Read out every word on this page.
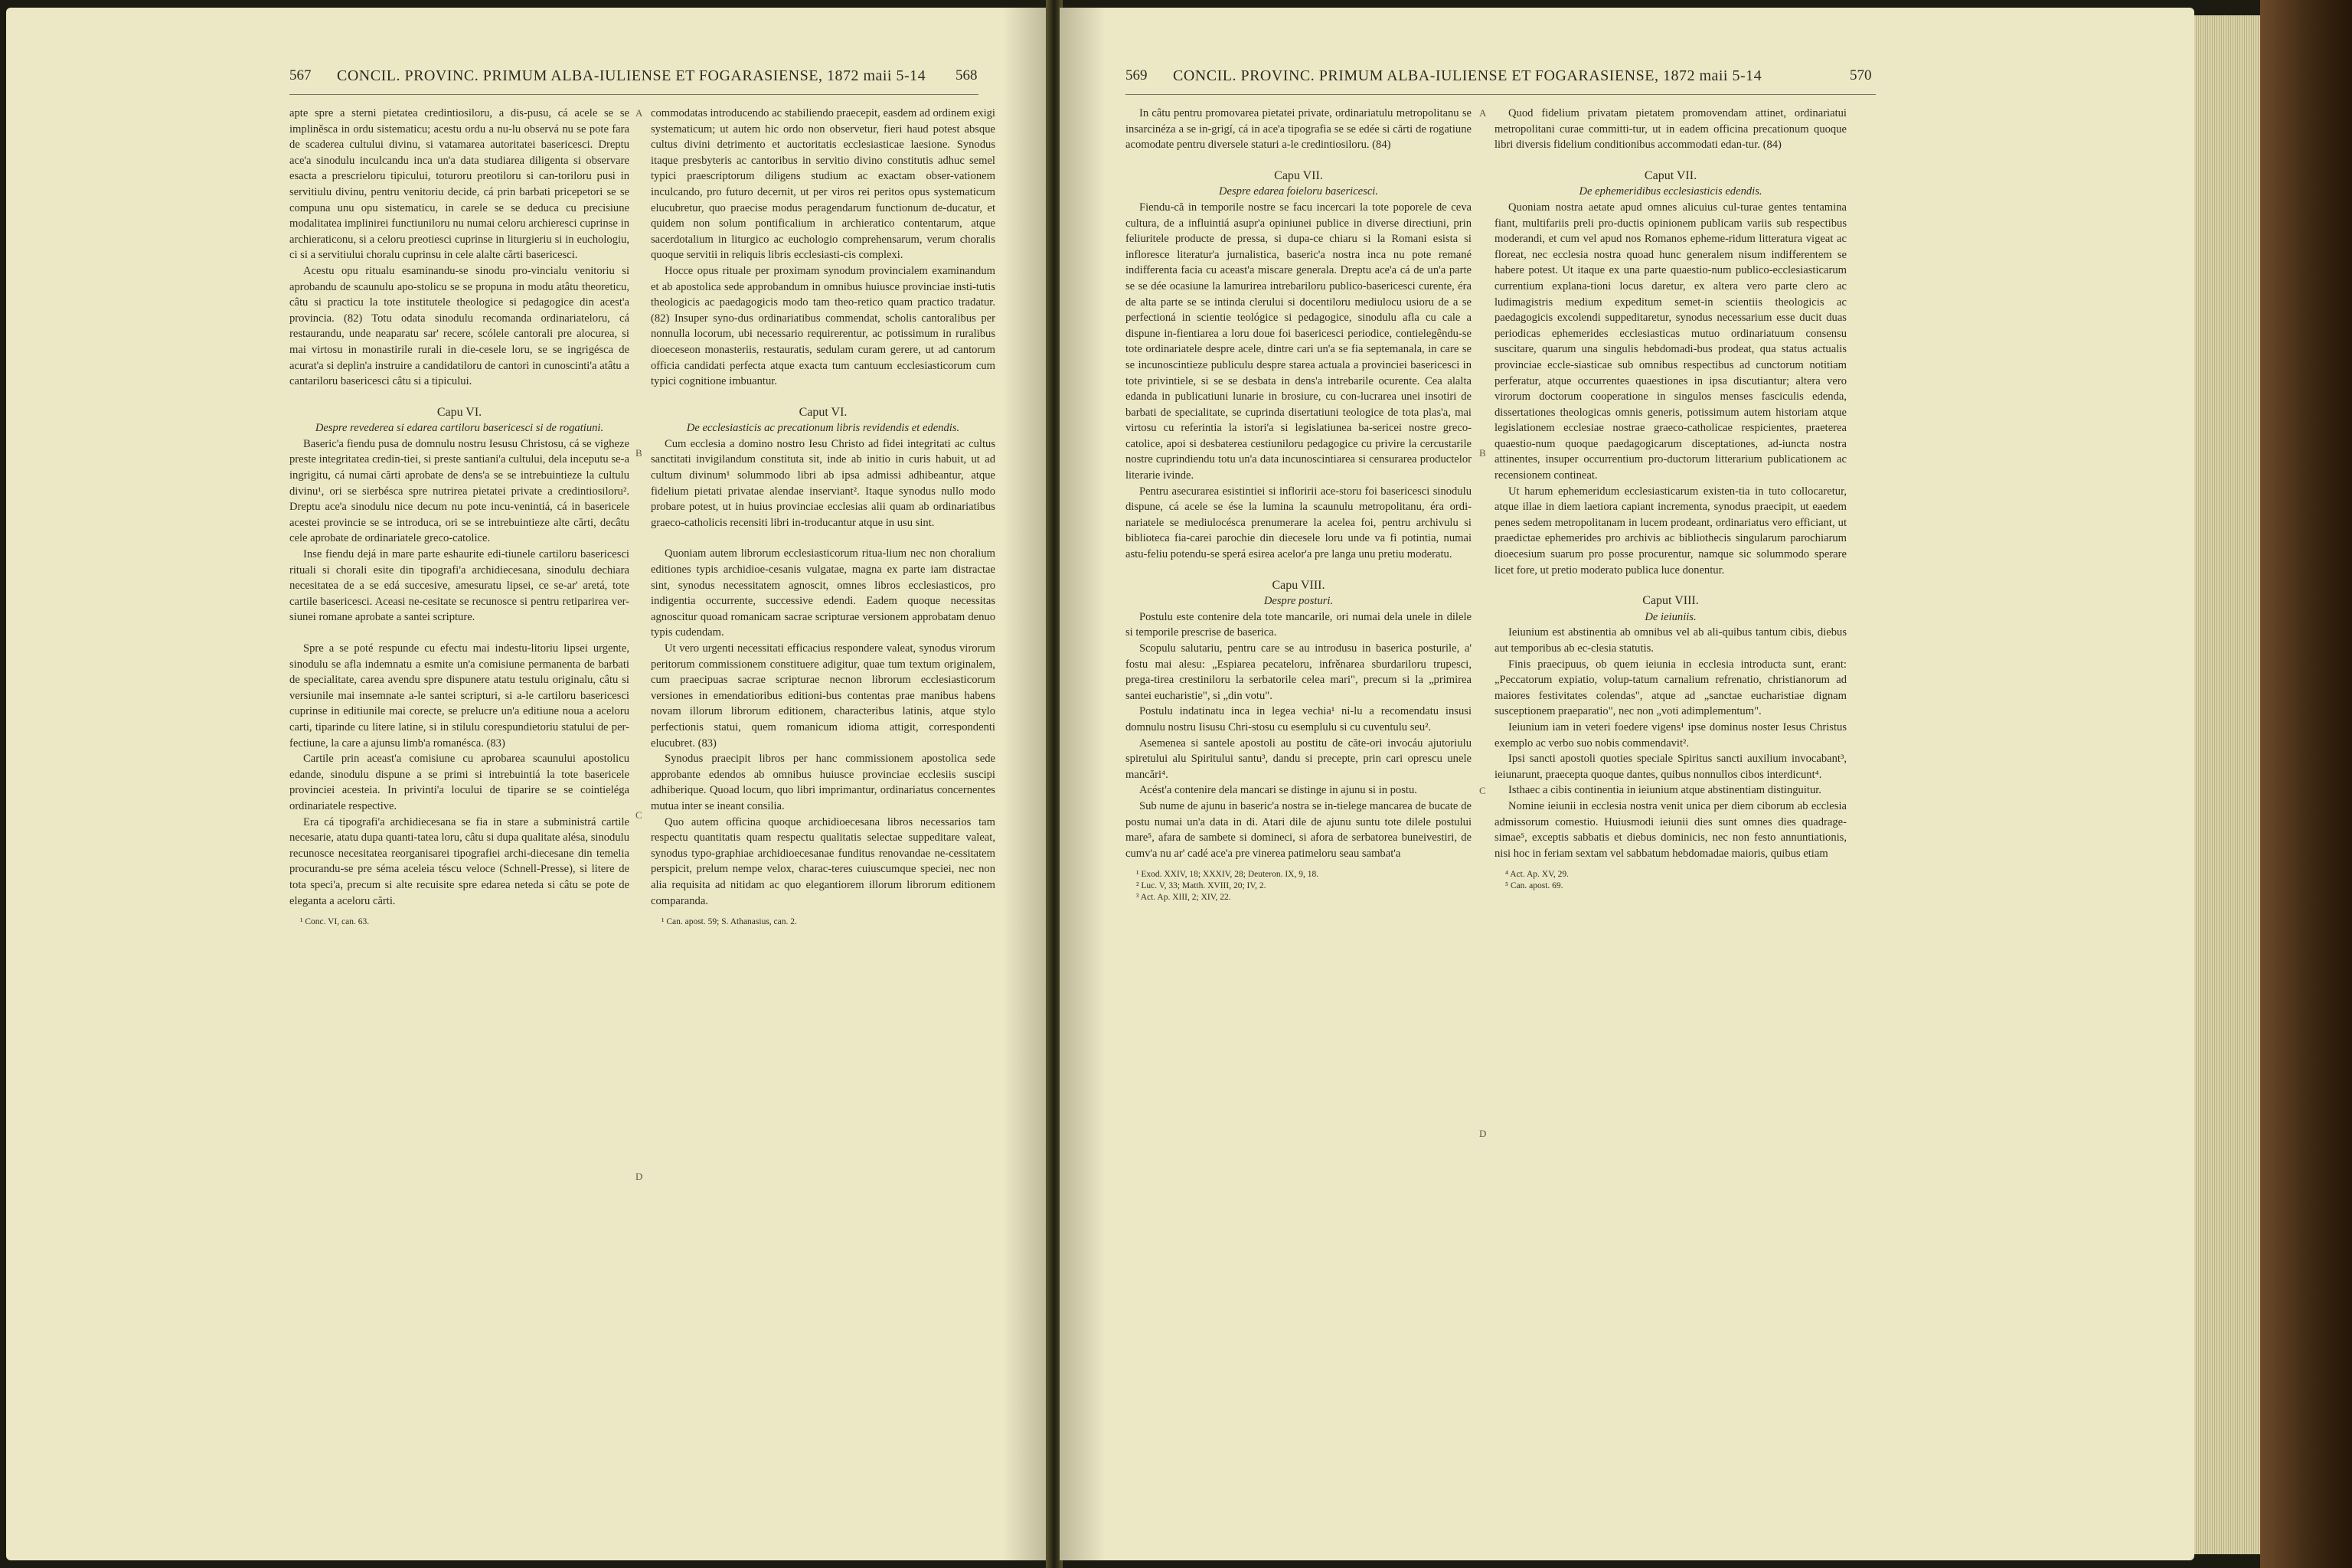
567 CONCIL. PROVINC. PRIMUM ALBA-IULIENSE ET FOGARASIENSE, 1872 maii 5-14 568
A
B
C
D

apte spre a sterni pietatea credintiosiloru, a dis-pusu, cá acele se se impliněsca in ordu sistematicu; acestu ordu a nu-lu observá nu se pote fara de scaderea cultului divinu, si vatamarea autoritatei basericesci. Dreptu ace'a sinodulu inculcandu inca un'a data studiarea diligenta si observare esacta a prescrieloru tipicului, toturoru preotiloru si can-toriloru pusi in servitiulu divinu, pentru venitoriu decide, cá prin barbati pricepetori se se compuna unu opu sistematicu, in carele se se deduca cu precisiune modalitatea implinirei functiuniloru nu numai celoru archieresci cuprinse in archieraticonu, si a celoru preotiesci cuprinse in liturgieriu si in euchologiu, ci si a servitiului choralu cuprinsu in cele alalte cărti basericesci.

Acestu opu ritualu esaminandu-se sinodu pro-vincialu venitoriu si aprobandu de scaunulu apo-stolicu se se propuna in modu atâtu theoreticu, câtu si practicu la tote institutele theologice si pedagogice din acest'a provincia. (82) Totu odata sinodulu recomanda ordinariateloru, cá restaurandu, unde neaparatu sar' recere, scólele cantorali pre alocurea, si mai virtosu in monastirile rurali in die-cesele loru, se se ingrigésca de acurat'a si deplin'a instruire a candidatiloru de cantori in cunoscinti'a atâtu a cantariloru basericesci câtu si a tipicului.

Capu VI.

Despre revederea si edarea cartiloru basericesci si de rogatiuni.

Baseric'a fiendu pusa de domnulu nostru Iesusu Christosu, cá se vigheze preste integritatea credin-tiei, si preste santiani'a cultului, dela inceputu se-a ingrigitu, cá numai cărti aprobate de dens'a se se intrebuintieze la cultulu divinu¹, ori se sierbésca spre nutrirea pietatei private a credintiosiloru². Dreptu ace'a sinodulu nice decum nu pote incu-venintiá, cá in basericele acestei provincie se se introduca, ori se se intrebuintieze alte cărti, decâtu cele aprobate de ordinariatele greco-catolice.

Inse fiendu dejá in mare parte eshaurite edi-tiunele cartiloru basericesci rituali si chorali esite din tipografi'a archidiecesana, sinodulu dechiara necesitatea de a se edá succesive, amesuratu lipsei, ce se-ar' aretá, tote cartile basericesci. Aceasi ne-cesitate se recunosce si pentru retiparirea ver-siunei romane aprobate a santei scripture.

Spre a se poté respunde cu efectu mai indestu-litoriu lipsei urgente, sinodulu se afla indemnatu a esmite un'a comisiune permanenta de barbati de specialitate, carea avendu spre dispunere atatu testulu originalu, câtu si versiunile mai insemnate a-le santei scripturi, si a-le cartiloru basericesci cuprinse in editiunile mai corecte, se prelucre un'a editiune noua a aceloru carti, tiparinde cu litere latine, si in stilulu corespundietoriu statului de per-fectiune, la care a ajunsu limb'a romanésca. (83)

Cartile prin aceast'a comisiune cu aprobarea scaunului apostolicu edande, sinodulu dispune a se primi si intrebuintiá la tote basericele provinciei acesteia. In privinti'a locului de tiparire se se cointieléga ordinariatele respective.

Era cá tipografi'a archidiecesana se fia in stare a subministrá cartile necesarie, atatu dupa quanti-tatea loru, câtu si dupa qualitate alésa, sinodulu recunosce necesitatea reorganisarei tipografiei archi-diecesane din temelia procurandu-se pre séma aceleia téscu veloce (Schnell-Presse), si litere de tota speci'a, precum si alte recuisite spre edarea neteda si câtu se pote de eleganta a aceloru cărti.

¹ Conc. VI, can. 63.

commodatas introducendo ac stabiliendo praecepit, easdem ad ordinem exigi systematicum; ut autem hic ordo non observetur, fieri haud potest absque cultus divini detrimento et auctoritatis ecclesiasticae laesione. Synodus itaque presbyteris ac cantoribus in servitio divino constitutis adhuc semel typici praescriptorum diligens studium ac exactam obser-vationem inculcando, pro futuro decernit, ut per viros rei peritos opus systematicum elucubretur, quo praecise modus peragendarum functionum de-ducatur, et quidem non solum pontificalium in archieratico contentarum, atque sacerdotalium in liturgico ac euchologio comprehensarum, verum choralis quoque servitii in reliquis libris ecclesiasti-cis complexi.

Hocce opus rituale per proximam synodum provincialem examinandum et ab apostolica sede approbandum in omnibus huiusce provinciae insti-tutis theologicis ac paedagogicis modo tam theo-retico quam practico tradatur. (82) Insuper syno-dus ordinariatibus commendat, scholis cantoralibus per nonnulla locorum, ubi necessario requirerentur, ac potissimum in ruralibus dioeceseon monasteriis, restauratis, sedulam curam gerere, ut ad cantorum officia candidati perfecta atque exacta tum cantuum ecclesiasticorum cum typici cognitione imbuantur.

Caput VI.

De ecclesiasticis ac precationum libris revidendis et edendis.

Cum ecclesia a domino nostro Iesu Christo ad fidei integritati ac cultus sanctitati invigilandum constituta sit, inde ab initio in curis habuit, ut ad cultum divinum¹ solummodo libri ab ipsa admissi adhibeantur, atque fidelium pietati privatae alendae inserviant². Itaque synodus nullo modo probare potest, ut in huius provinciae ecclesias alii quam ab ordinariatibus graeco-catholicis recensiti libri in-troducantur atque in usu sint.

Quoniam autem librorum ecclesiasticorum ritua-lium nec non choralium editiones typis archidioe-cesanis vulgatae, magna ex parte iam distractae sint, synodus necessitatem agnoscit, omnes libros ecclesiasticos, pro indigentia occurrente, successive edendi. Eadem quoque necessitas agnoscitur quoad romanicam sacrae scripturae versionem approbatam denuo typis cudendam.

Ut vero urgenti necessitati efficacius respondere valeat, synodus virorum peritorum commissionem constituere adigitur, quae tum textum originalem, cum praecipuas sacrae scripturae necnon librorum ecclesiasticorum versiones in emendatioribus editioni-bus contentas prae manibus habens novam illorum librorum editionem, characteribus latinis, atque stylo perfectionis statui, quem romanicum idioma attigit, correspondenti elucubret. (83)

Synodus praecipit libros per hanc commissionem apostolica sede approbante edendos ab omnibus huiusce provinciae ecclesiis suscipi adhiberique. Quoad locum, quo libri imprimantur, ordinariatus concernentes mutua inter se ineant consilia.

Quo autem officina quoque archidioecesana libros necessarios tam respectu quantitatis quam respectu qualitatis selectae suppeditare valeat, synodus typo-graphiae archidioecesanae funditus renovandae ne-cessitatem perspicit, prelum nempe velox, charac-teres cuiuscumque speciei, nec non alia requisita ad nitidam ac quo elegantiorem illorum librorum editionem comparanda.

¹ Can. apost. 59; S. Athanasius, can. 2.
569 CONCIL. PROVINC. PRIMUM ALBA-IULIENSE ET FOGARASIENSE, 1872 maii 5-14	570
A
B
C
D

In câtu pentru promovarea pietatei private, ordinariatulu metropolitanu se insarcinéza a se in-grigí, cá in ace'a tipografia se se edée si cărti de rogatiune acomodate pentru diversele staturi a-le credintiosiloru. (84)

Capu VII.

Despre edarea foieloru basericesci.

Fiendu-că in temporile nostre se facu incercari la tote poporele de ceva cultura, de a influintiá asupr'a opiniunei publice in diverse directiuni, prin feliuritele producte de pressa, si dupa-ce chiaru si la Romani esista si infloresce literatur'a jurnalistica, baseric'a nostra inca nu pote remané indifferenta facia cu aceast'a miscare generala. Dreptu ace'a cá de un'a parte se se dée ocasiune la lamurirea intrebariloru publico-basericesci curente, éra de alta parte se se intinda clerului si docentiloru mediulocu usioru de a se perfectioná in scientie teológice si pedagogice, sinodulu afla cu cale a dispune in-fientiarea a loru doue foi basericesci periodice, contielegêndu-se tote ordinariatele despre acele, dintre cari un'a se fia septemanala, in care se se incunoscintieze publiculu despre starea actuala a provinciei basericesci in tote privintiele, si se se desbata in dens'a intrebarile ocurente. Cea alalta edanda in publicatiuni lunarie in brosiure, cu con-lucrarea unei insotiri de barbati de specialitate, se cuprinda disertatiuni teologice de tota plas'a, mai virtosu cu referintia la istori'a si legislatiunea ba-sericei nostre greco-catolice, apoi si desbaterea cestiuniloru pedagogice cu privire la cercustarile nostre cuprindiendu totu un'a data incunoscintiarea si censurarea productelor literarie ivinde.

Pentru asecurarea esistintiei si infloririi ace-storu foi basericesci sinodulu dispune, cá acele se ése la lumina la scaunulu metropolitanu, éra ordi-nariatele se mediulocésca prenumerare la acelea foi, pentru archivulu si biblioteca fia-carei parochie din diecesele loru unde va fi potintia, numai astu-feliu potendu-se sperá esirea acelor'a pre langa unu pretiu moderatu.

Capu VIII.

Despre posturi.

Postulu este contenire dela tote mancarile, ori numai dela unele in dilele si temporile prescrise de baserica.

Scopulu salutariu, pentru care se au introdusu in baserica posturile, a' fostu mai alesu: „Espiarea pecateloru, infrěnarea sburdariloru trupesci, prega-tirea crestiniloru la serbatorile celea mari", precum si la „primirea santei eucharistie", si „din votu".

Postulu indatinatu inca in legea vechia¹ ni-lu a recomendatu insusi domnulu nostru Iisusu Chri-stosu cu esemplulu si cu cuventulu seu².

Asemenea si santele apostoli au postitu de căte-ori invocáu ajutoriulu spiretului alu Spiritului santu³, dandu si precepte, prin cari oprescu unele mancări⁴.

Acést'a contenire dela mancari se distinge in ajunu si in postu.

Sub nume de ajunu in baseric'a nostra se in-tielege mancarea de bucate de postu numai un'a data in di. Atari dile de ajunu suntu tote dilele postului mare⁵, afara de sambete si domineci, si afora de serbatorea buneivestiri, de cumv'a nu ar' cadé ace'a pre vinerea patimeloru seau sambat'a

¹ Exod. XXIV, 18; XXXIV, 28; Deuteron. IX, 9, 18.
² Luc. V, 33; Matth. XVIII, 20; IV, 2.
³ Act. Ap. XIII, 2; XIV, 22.

Quod fidelium privatam pietatem promovendam attinet, ordinariatui metropolitani curae committi-tur, ut in eadem officina precationum quoque libri diversis fidelium conditionibus accommodati edan-tur. (84)

Caput VII.

De ephemeridibus ecclesiasticis edendis.

Quoniam nostra aetate apud omnes alicuius cul-turae gentes tentamina fiant, multifariis preli pro-ductis opinionem publicam variis sub respectibus moderandi, et cum vel apud nos Romanos epheme-ridum litteratura vigeat ac floreat, nec ecclesia nostra quoad hunc generalem nisum indifferentem se habere potest. Ut itaque ex una parte quaestio-num publico-ecclesiasticarum currentium explana-tioni locus daretur, ex altera vero parte clero ac ludimagistris medium expeditum semet-in scientiis theologicis ac paedagogicis excolendi suppeditaretur, synodus necessarium esse ducit duas periodicas ephemerides ecclesiasticas mutuo ordinariatuum consensu suscitare, quarum una singulis hebdomadi-bus prodeat, qua status actualis provinciae eccle-siasticae sub omnibus respectibus ad cunctorum notitiam perferatur, atque occurrentes quaestiones in ipsa discutiantur; altera vero virorum doctorum cooperatione in singulos menses fasciculis edenda, dissertationes theologicas omnis generis, potissimum autem historiam atque legislationem ecclesiae nostrae graeco-catholicae respicientes, praeterea quaestio-num quoque paedagogicarum disceptationes, ad-iuncta nostra attinentes, insuper occurrentium pro-ductorum litterarium publicationem ac recensionem contineat.

Ut harum ephemeridum ecclesiasticarum existen-tia in tuto collocaretur, atque illae in diem laetiora capiant incrementa, synodus praecipit, ut eaedem penes sedem metropolitanam in lucem prodeant, ordinariatus vero efficiant, ut praedictae ephemerides pro archivis ac bibliothecis singularum parochiarum dioecesium suarum pro posse procurentur, namque sic solummodo sperare licet fore, ut pretio moderato publica luce donentur.

Caput VIII.

De ieiuniis.

Ieiunium est abstinentia ab omnibus vel ab ali-quibus tantum cibis, diebus aut temporibus ab ec-clesia statutis.

Finis praecipuus, ob quem ieiunia in ecclesia introducta sunt, erant: „Peccatorum expiatio, volup-tatum carnalium refrenatio, christianorum ad maiores festivitates colendas", atque ad „sanctae eucharistiae dignam susceptionem praeparatio", nec non „voti adimplementum".

Ieiunium iam in veteri foedere vigens¹ ipse dominus noster Iesus Christus exemplo ac verbo suo nobis commendavit².

Ipsi sancti apostoli quoties speciale Spiritus sancti auxilium invocabant³, ieiunarunt, praecepta quoque dantes, quibus nonnullos cibos interdicunt⁴.

Isthaec a cibis continentia in ieiunium atque abstinentiam distinguitur.

Nomine ieiunii in ecclesia nostra venit unica per diem ciborum ab ecclesia admissorum comestio. Huiusmodi ieiunii dies sunt omnes dies quadrage-simae⁵, exceptis sabbatis et diebus dominicis, nec non festo annuntiationis, nisi hoc in feriam sextam vel sabbatum hebdomadae maioris, quibus etiam

⁴ Act. Ap. XV, 29.
⁵ Can. apost. 69.
